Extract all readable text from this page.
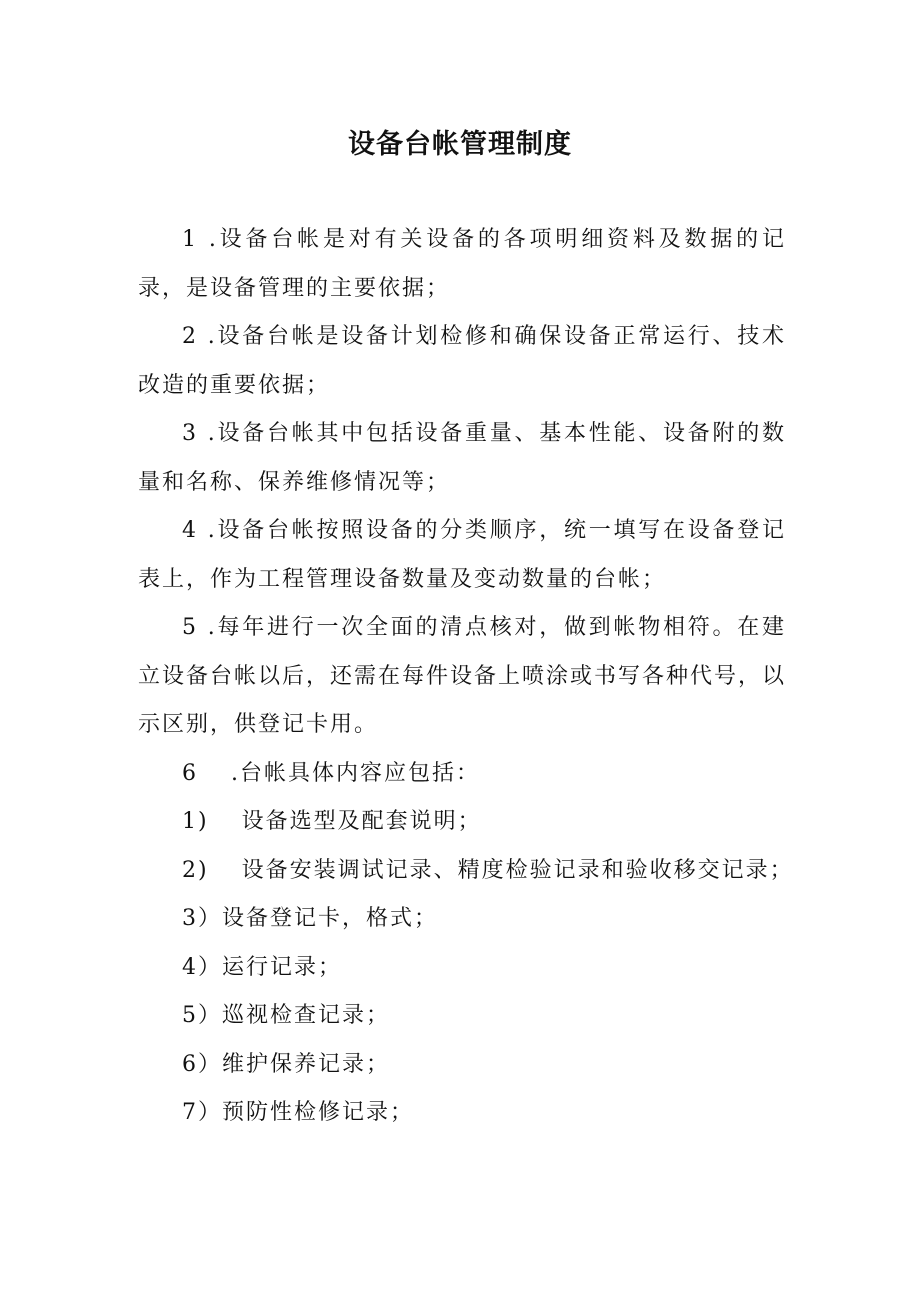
设备台帐管理制度

1 .设备台帐是对有关设备的各项明细资料及数据的记录，是设备管理的主要依据；

2 .设备台帐是设备计划检修和确保设备正常运行、技术改造的重要依据；

3 .设备台帐其中包括设备重量、基本性能、设备附的数量和名称、保养维修情况等；

4 .设备台帐按照设备的分类顺序，统一填写在设备登记表上，作为工程管理设备数量及变动数量的台帐；

5 .每年进行一次全面的清点核对，做到帐物相符。在建立设备台帐以后，还需在每件设备上喷涂或书写各种代号，以示区别，供登记卡用。

6　 .台帐具体内容应包括：

1)　 设备选型及配套说明；

2)　 设备安装调试记录、精度检验记录和验收移交记录；

3）设备登记卡，格式；

4）运行记录；

5）巡视检查记录；

6）维护保养记录；

7）预防性检修记录；
